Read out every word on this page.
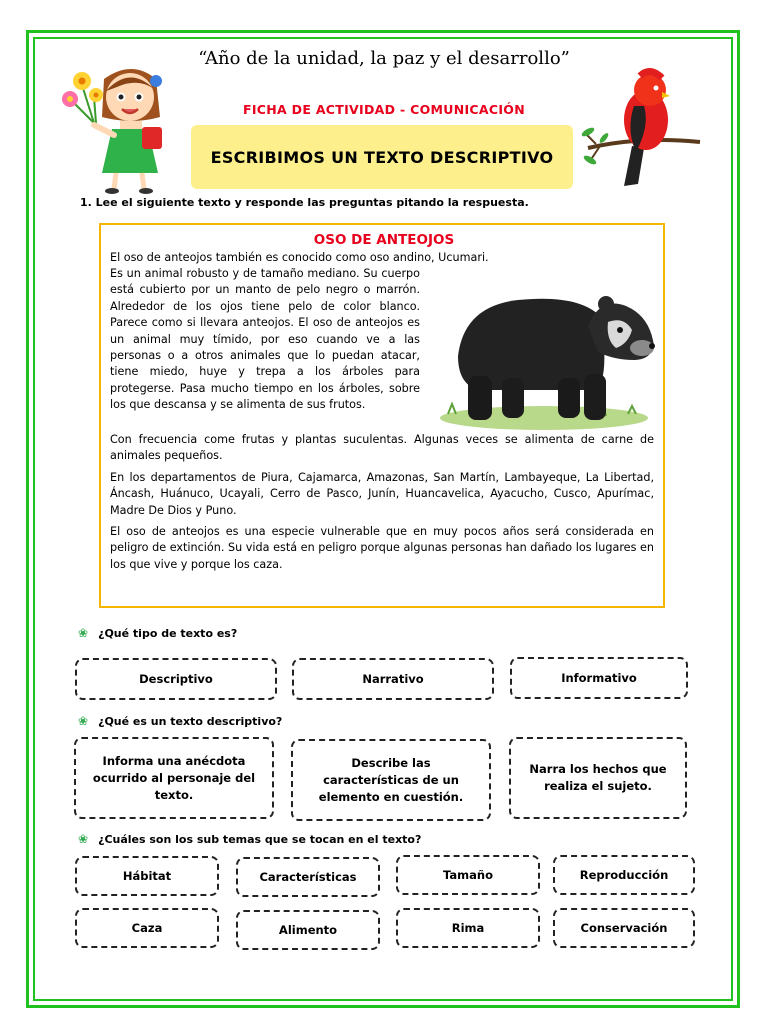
“Año de la unidad, la paz y el desarrollo”
FICHA DE ACTIVIDAD - COMUNICACIÓN
ESCRIBIMOS UN TEXTO DESCRIPTIVO
1. Lee el siguiente texto y responde las preguntas pitando la respuesta.
OSO DE ANTEOJOS
El oso de anteojos también es conocido como oso andino, Ucumari.
Es un animal robusto y de tamaño mediano. Su cuerpo está cubierto por un manto de pelo negro o marrón. Alrededor de los ojos tiene pelo de color blanco. Parece como si llevara anteojos. El oso de anteojos es un animal muy tímido, por eso cuando ve a las personas o a otros animales que lo puedan atacar, tiene miedo, huye y trepa a los árboles para protegerse. Pasa mucho tiempo en los árboles, sobre los que descansa y se alimenta de sus frutos.
Con frecuencia come frutas y plantas suculentas. Algunas veces se alimenta de carne de animales pequeños.
En los departamentos de Piura, Cajamarca, Amazonas, San Martín, Lambayeque, La Libertad, Áncash, Huánuco, Ucayali, Cerro de Pasco, Junín, Huancavelica, Ayacucho, Cusco, Apurímac, Madre De Dios y Puno.
El oso de anteojos es una especie vulnerable que en muy pocos años será considerada en peligro de extinción. Su vida está en peligro porque algunas personas han dañado los lugares en los que vive y porque los caza.
❀ ¿Qué tipo de texto es?
Descriptivo	Narrativo	Informativo
❀ ¿Qué es un texto descriptivo?
Informa una anécdota ocurrido al personaje del texto.
Describe las características de un elemento en cuestión.
Narra los hechos que realiza el sujeto.
❀ ¿Cuáles son los sub temas que se tocan en el texto?
Hábitat	Características	Tamaño	Reproducción
Caza	Alimento	Rima	Conservación
